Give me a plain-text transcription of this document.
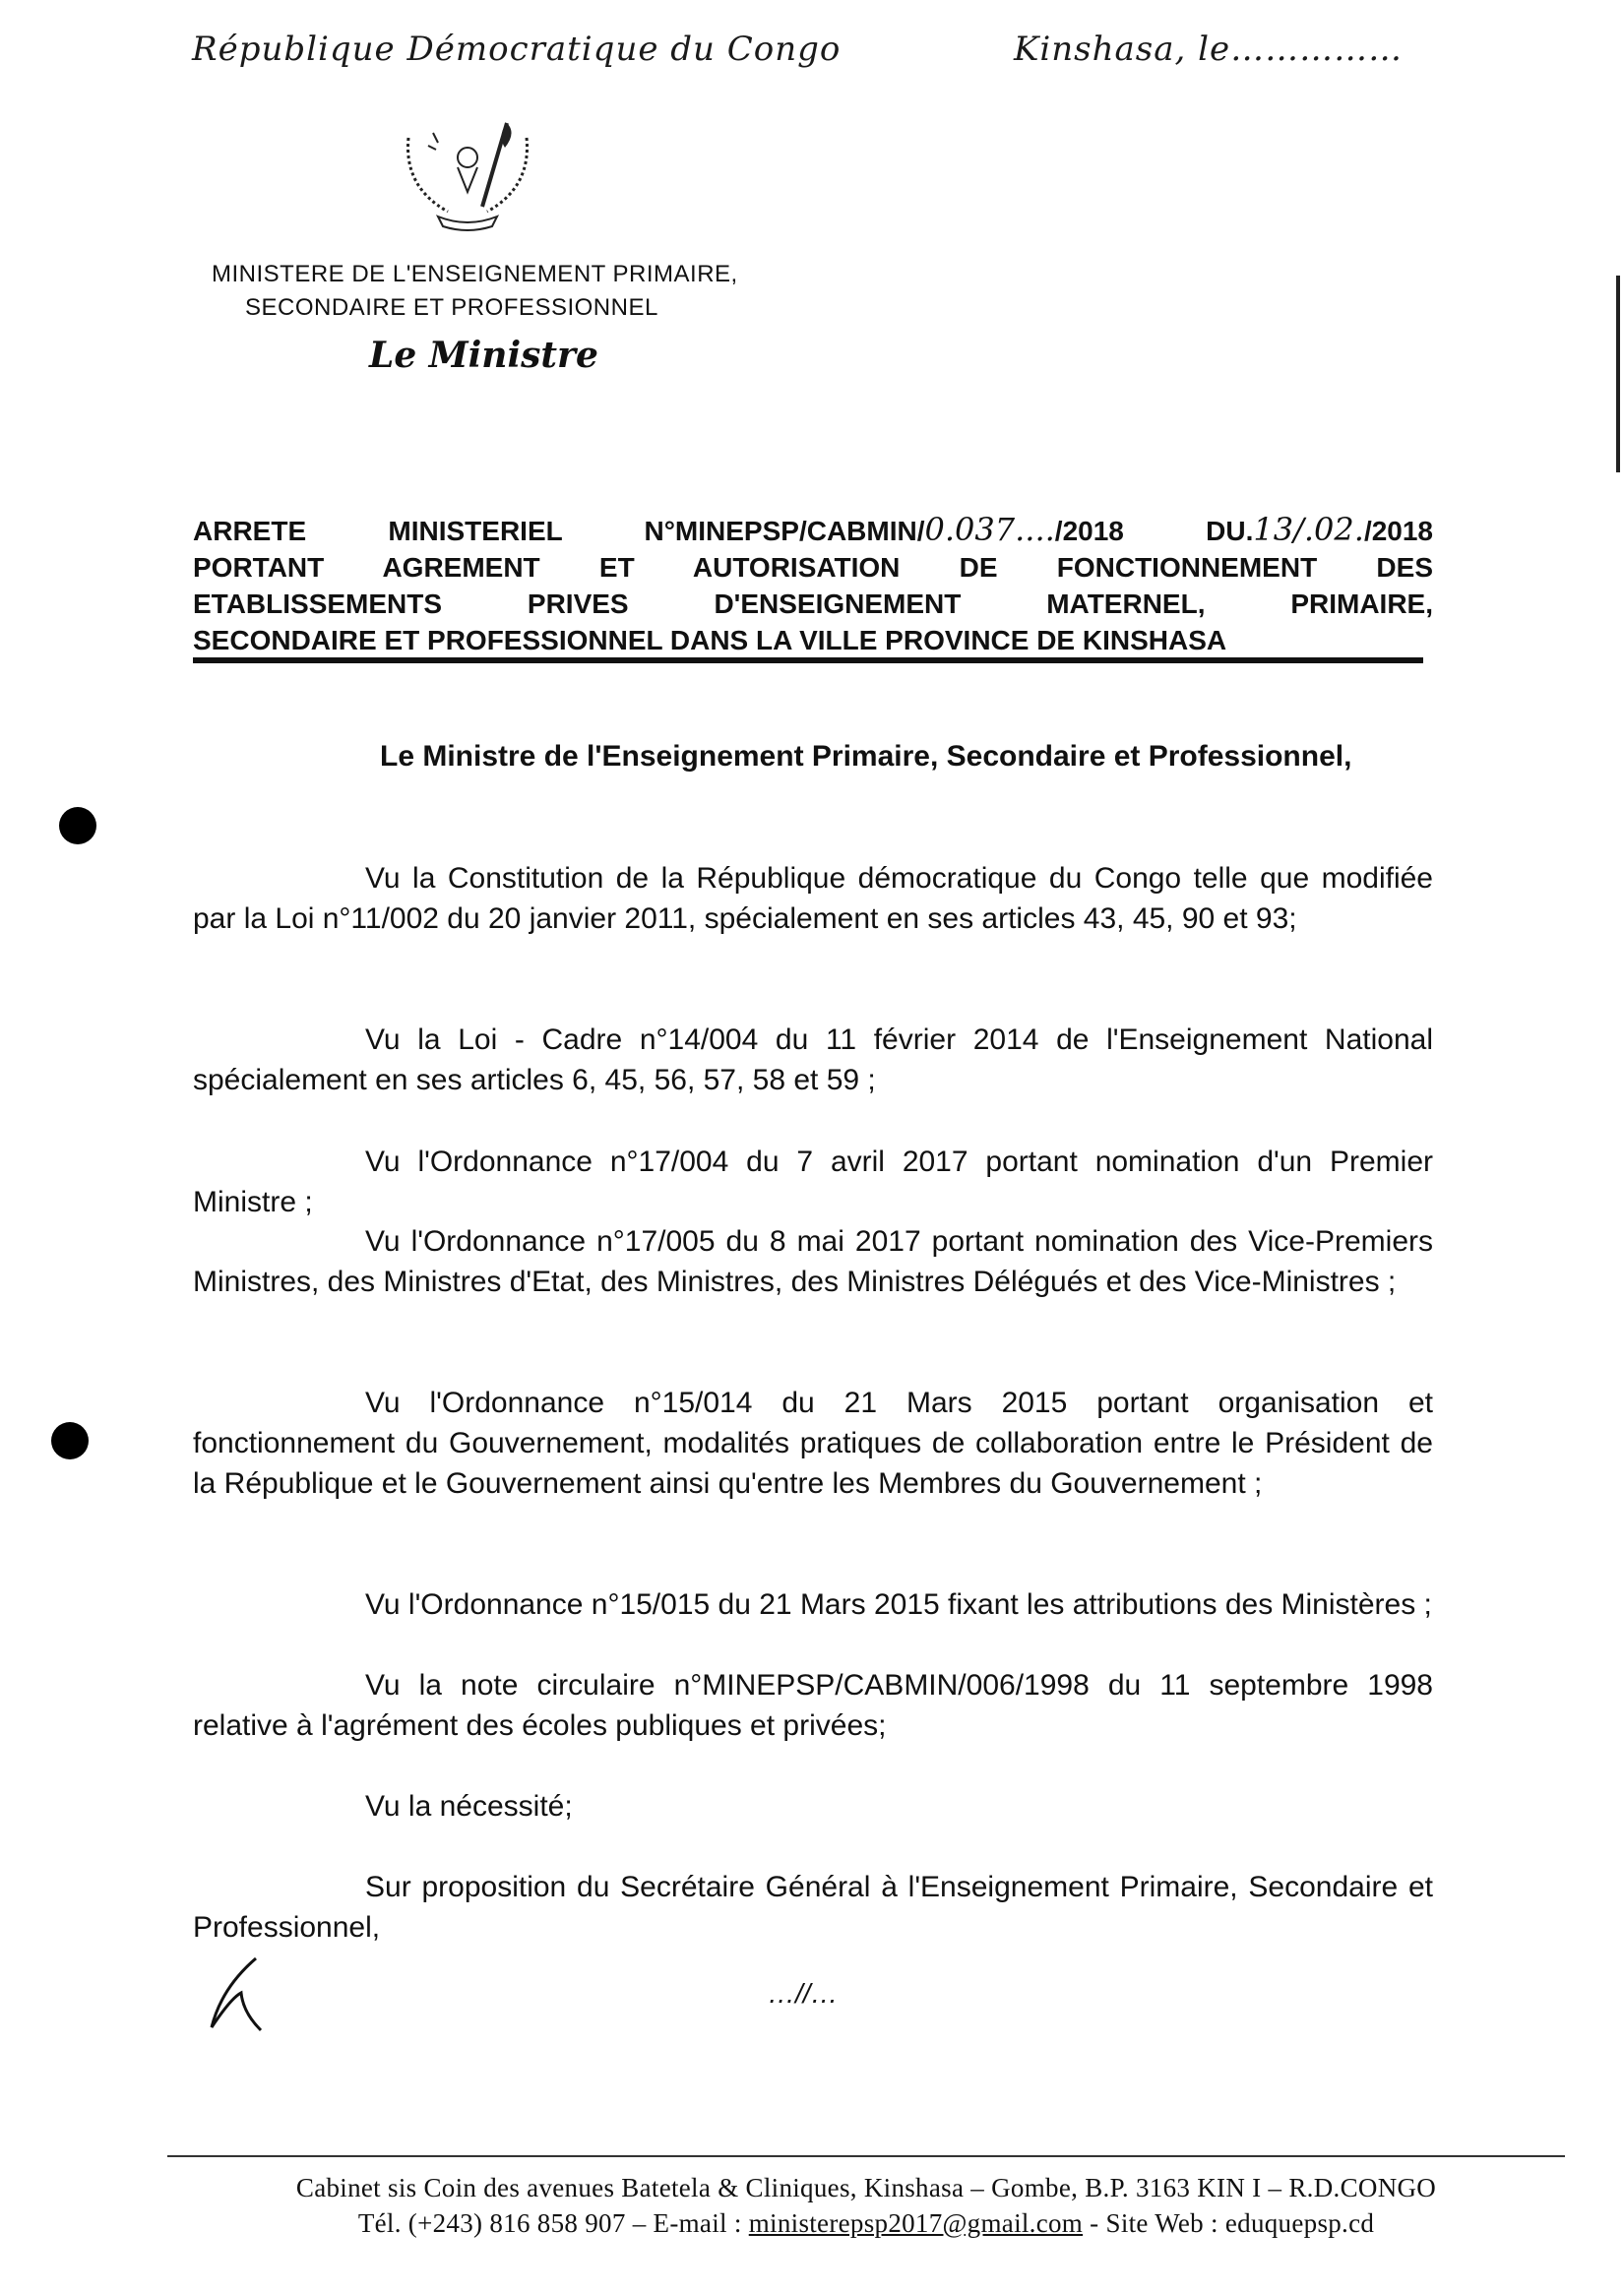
République Démocratique du Congo	Kinshasa, le……………
MINISTERE DE L'ENSEIGNEMENT PRIMAIRE,
SECONDAIRE ET PROFESSIONNEL
Le Ministre
ARRETE MINISTERIEL N°MINEPSP/CABMIN/0.037..../2018 DU.13/.02./2018
PORTANT AGREMENT ET AUTORISATION DE FONCTIONNEMENT DES
ETABLISSEMENTS PRIVES D'ENSEIGNEMENT MATERNEL, PRIMAIRE,
SECONDAIRE ET PROFESSIONNEL DANS LA VILLE PROVINCE DE KINSHASA

Le Ministre de l'Enseignement Primaire, Secondaire et Professionnel,

Vu la Constitution de la République démocratique du Congo telle que modifiée par la Loi n°11/002 du 20 janvier 2011, spécialement en ses articles 43, 45, 90 et 93;

Vu la Loi - Cadre n°14/004 du 11 février 2014 de l'Enseignement National spécialement en ses articles 6, 45, 56, 57, 58 et 59 ;

Vu l'Ordonnance n°17/004 du 7 avril 2017 portant nomination d'un Premier Ministre ;

Vu l'Ordonnance n°17/005 du 8 mai 2017 portant nomination des Vice-Premiers Ministres, des Ministres d'Etat, des Ministres, des Ministres Délégués et des Vice-Ministres ;

Vu l'Ordonnance n°15/014 du 21 Mars 2015 portant organisation et fonctionnement du Gouvernement, modalités pratiques de collaboration entre le Président de la République et le Gouvernement ainsi qu'entre les Membres du Gouvernement ;

Vu l'Ordonnance n°15/015 du 21 Mars 2015 fixant les attributions des Ministères ;

Vu la note circulaire n°MINEPSP/CABMIN/006/1998 du 11 septembre 1998 relative à l'agrément des écoles publiques et privées;

Vu la nécessité;

Sur proposition du Secrétaire Général à l'Enseignement Primaire, Secondaire et Professionnel,

…//…
Cabinet sis Coin des avenues Batetela & Cliniques, Kinshasa – Gombe, B.P. 3163 KIN I – R.D.CONGO
Tél. (+243) 816 858 907 – E-mail : ministerepsp2017@gmail.com - Site Web : eduquepsp.cd
